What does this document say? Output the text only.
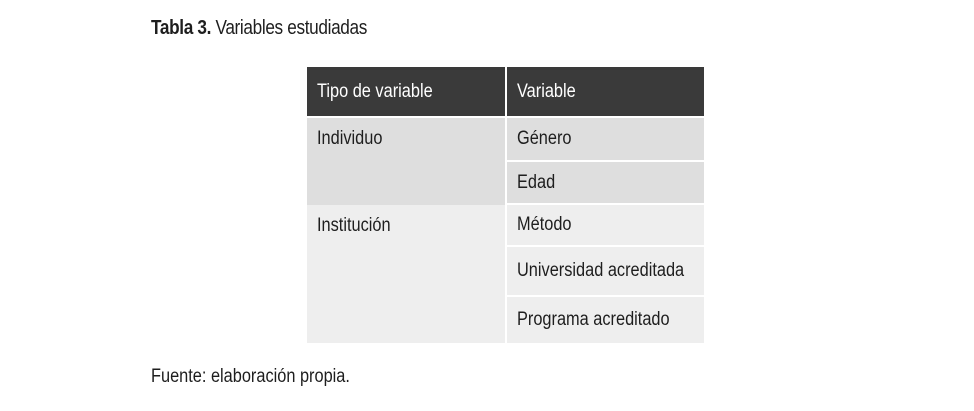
Tabla 3. Variables estudiadas
Tipo de variable	Variable
Individuo	Género
	Edad
Institución	Método
	Universidad acreditada
	Programa acreditado
Fuente: elaboración propia.
